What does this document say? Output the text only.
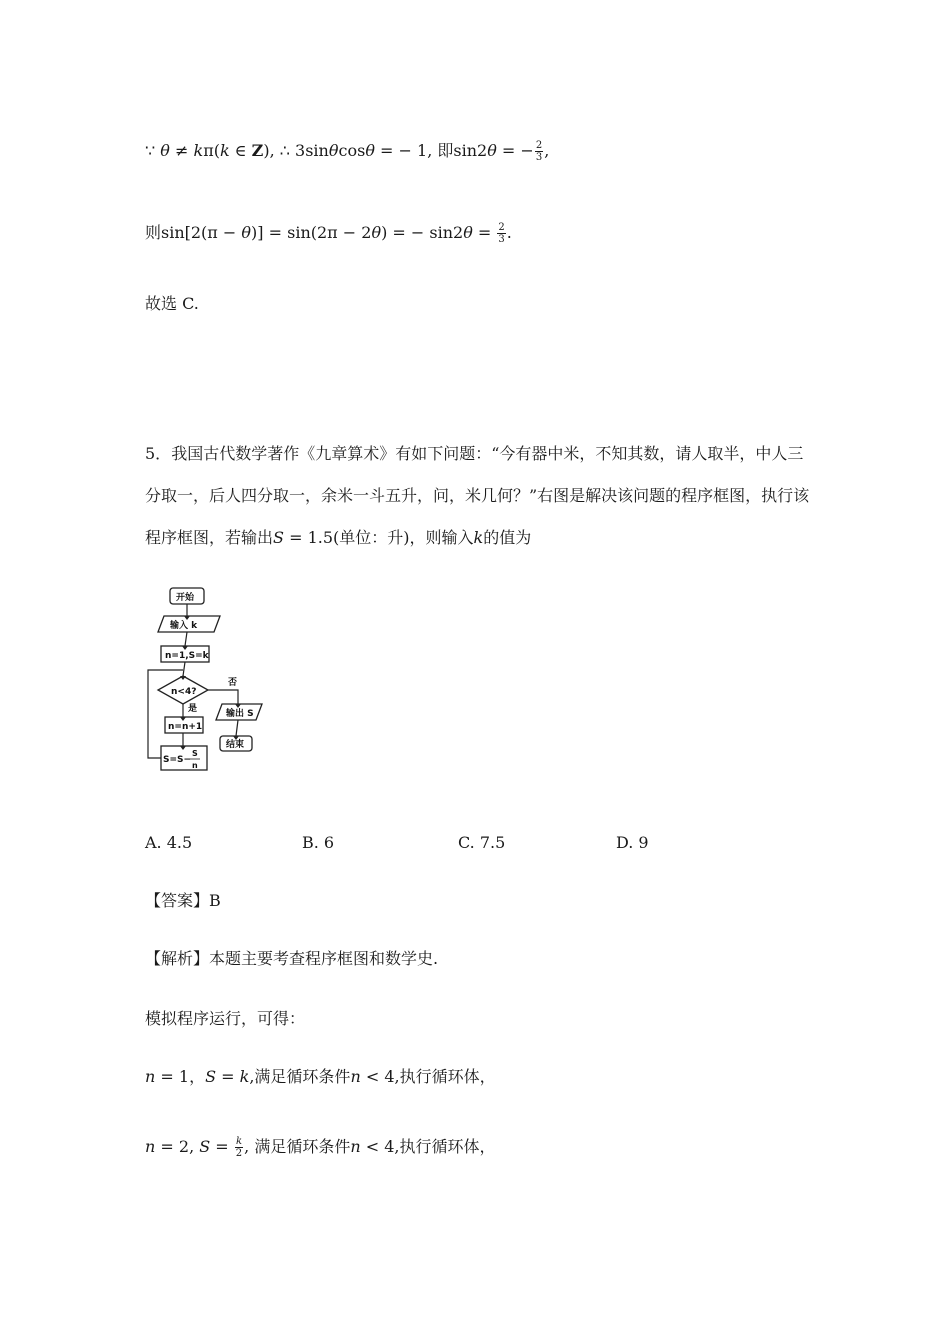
∵ θ ≠ kπ(k ∈ Z), ∴ 3sinθcosθ = − 1, 即sin2θ = − $\frac{2}{3}$ ,
则sin[2(π − θ)] = sin(2π − 2θ) = − $\sin 2\theta = \frac{2}{3}$ .
故选 C.
5．我国古代数学著作《九章算术》有如下问题：“今有器中米，不知其数，请人取半，中人三分取一，后人四分取一，余米一斗五升，问，米几何？”右图是解决该问题的程序框图，执行该程序框图，若输出S = 1.5(单位：升)，则输入k的值为
开始
输入 k
n=1,S=k
n<4?
是
否
n=n+1
S=S−
S
n
输出 S
结束
A. 4.5	B. 6	C. 7.5	D. 9
【答案】B
【解析】本题主要考查程序框图和数学史.
模拟程序运行，可得：
n = 1，S = k,满足循环条件n < 4,执行循环体，
n = 2, $S = \frac{k}{2}$ , 满足循环条件n < 4,执行循环体，
